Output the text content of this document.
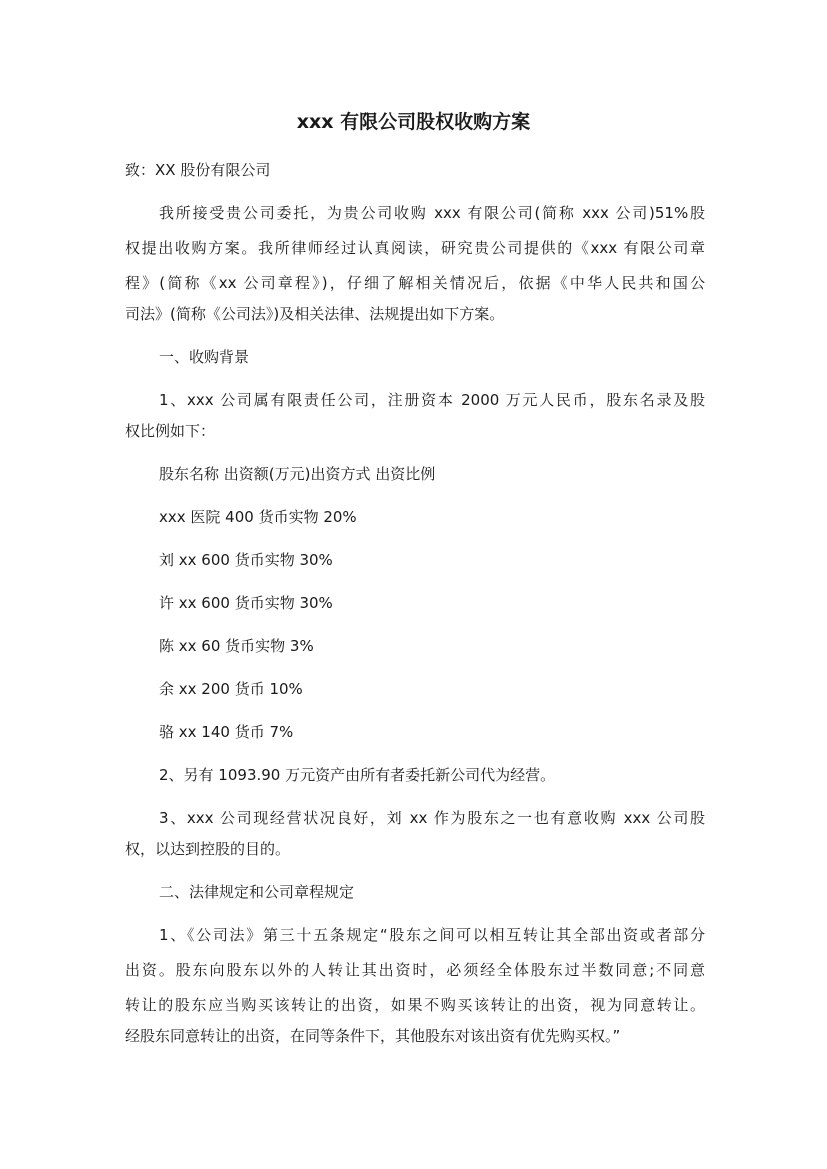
xxx 有限公司股权收购方案

致：XX 股份有限公司

我所接受贵公司委托，为贵公司收购 xxx 有限公司(简称 xxx 公司)51%股

权提出收购方案。我所律师经过认真阅读，研究贵公司提供的《xxx 有限公司章

程》(简称《xx 公司章程》)，仔细了解相关情况后，依据《中华人民共和国公

司法》(简称《公司法》)及相关法律、法规提出如下方案。

一、收购背景

1、xxx 公司属有限责任公司，注册资本 2000 万元人民币，股东名录及股

权比例如下：

股东名称 出资额(万元)出资方式 出资比例

xxx 医院 400 货币实物 20%

刘 xx 600 货币实物 30%

许 xx 600 货币实物 30%

陈 xx 60 货币实物 3%

余 xx 200 货币 10%

骆 xx 140 货币 7%

2、另有 1093.90 万元资产由所有者委托新公司代为经营。

3、xxx 公司现经营状况良好，刘 xx 作为股东之一也有意收购 xxx 公司股

权，以达到控股的目的。

二、法律规定和公司章程规定

1、《公司法》第三十五条规定“股东之间可以相互转让其全部出资或者部分

出资。股东向股东以外的人转让其出资时，必须经全体股东过半数同意;不同意

转让的股东应当购买该转让的出资，如果不购买该转让的出资，视为同意转让。

经股东同意转让的出资，在同等条件下，其他股东对该出资有优先购买权。”
